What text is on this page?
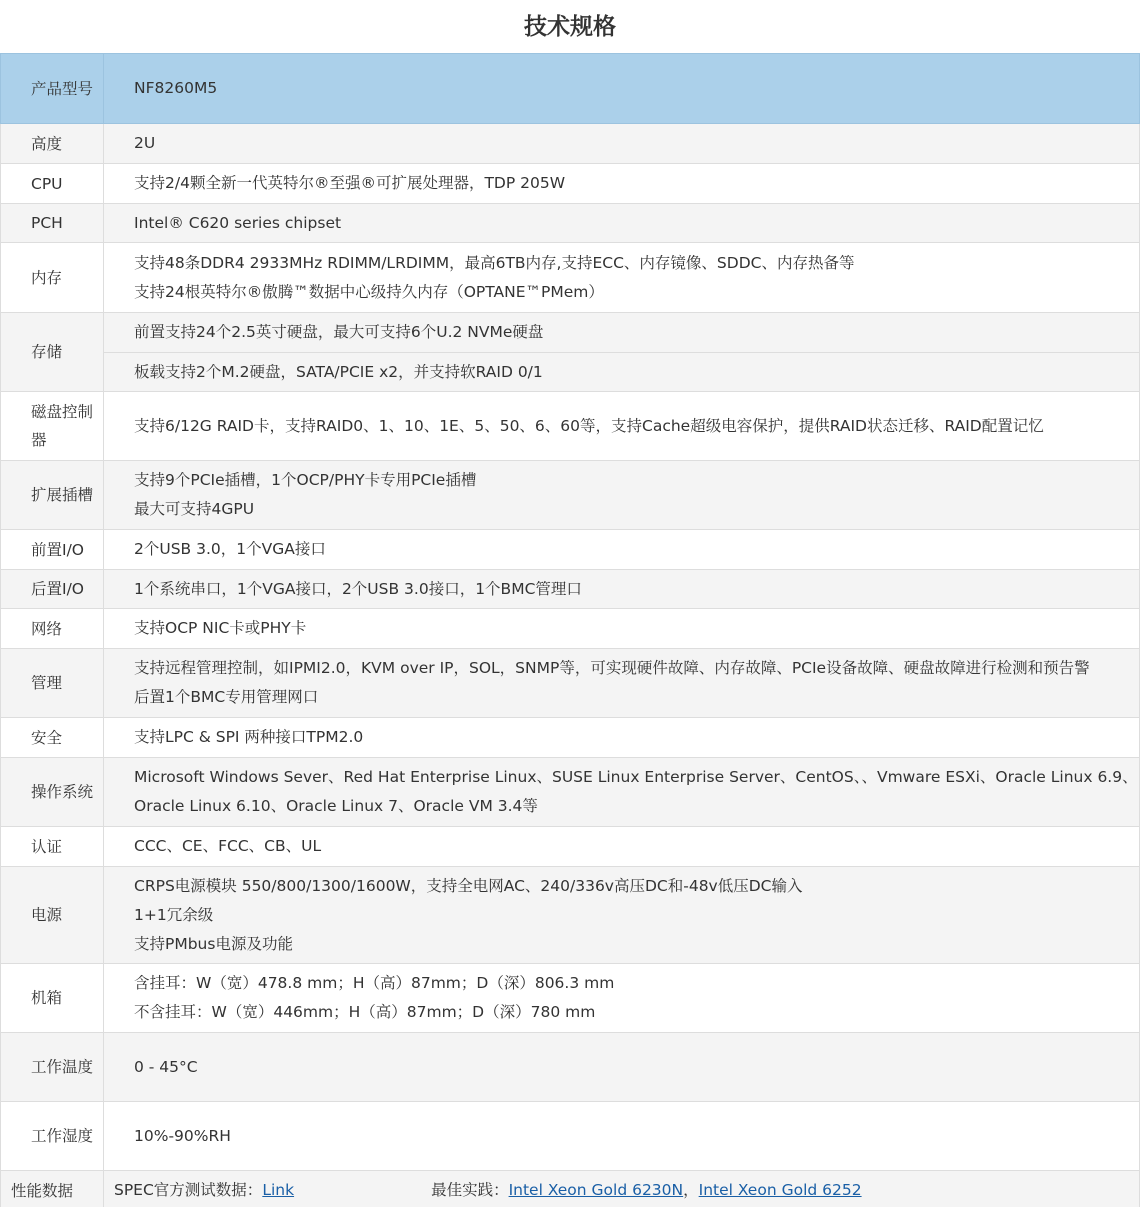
技术规格
产品型号	NF8260M5
高度	2U

CPU	支持2/4颗全新一代英特尔®至强®可扩展处理器，TDP 205W

PCH	Intel® C620 series chipset

内存	支持48条DDR4 2933MHz RDIMM/LRDIMM，最高6TB内存,支持ECC、内存镜像、SDDC、内存热备等
支持24根英特尔®傲腾™数据中心级持久内存（OPTANE™PMem）

存储	前置支持24个2.5英寸硬盘，最大可支持6个U.2 NVMe硬盘

	板载支持2个M.2硬盘，SATA/PCIE x2，并支持软RAID 0/1

磁盘控制器	支持6/12G RAID卡，支持RAID0、1、10、1E、5、50、6、60等，支持Cache超级电容保护，提供RAID状态迁移、RAID配置记忆

扩展插槽	支持9个PCIe插槽，1个OCP/PHY卡专用PCIe插槽
最大可支持4GPU

前置I/O	2个USB 3.0，1个VGA接口

后置I/O	1个系统串口，1个VGA接口，2个USB 3.0接口，1个BMC管理口

网络	支持OCP NIC卡或PHY卡

管理	支持远程管理控制，如IPMI2.0，KVM over IP，SOL，SNMP等，可实现硬件故障、内存故障、PCIe设备故障、硬盘故障进行检测和预告警
后置1个BMC专用管理网口

安全	支持LPC & SPI 两种接口TPM2.0

操作系统	Microsoft Windows Sever、Red Hat Enterprise Linux、SUSE Linux Enterprise Server、CentOS、、Vmware ESXi、Oracle Linux 6.9、
Oracle Linux 6.10、Oracle Linux 7、Oracle VM 3.4等

认证	CCC、CE、FCC、CB、UL

电源	CRPS电源模块 550/800/1300/1600W，支持全电网AC、240/336v高压DC和-48v低压DC输入
1+1冗余级
支持PMbus电源及功能

机箱	含挂耳：W（宽）478.8 mm；H（高）87mm；D（深）806.3 mm
不含挂耳：W（宽）446mm；H（高）87mm；D（深）780 mm

工作温度	0 - 45°C

工作湿度	10%-90%RH

性能数据	SPEC官方测试数据：Link 最佳实践：Intel Xeon Gold 6230N，Intel Xeon Gold 6252
